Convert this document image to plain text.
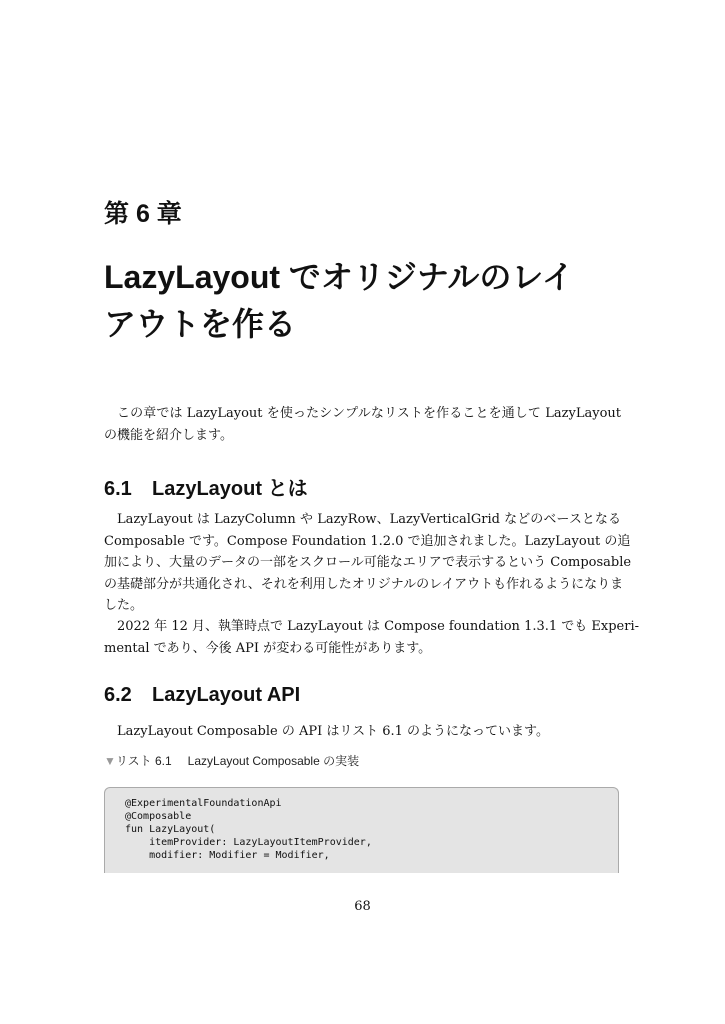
第 6 章
LazyLayout でオリジナルのレイ
アウトを作る
この章では LazyLayout を使ったシンプルなリストを作ることを通して LazyLayout
の機能を紹介します。
6.1 LazyLayout とは
LazyLayout は LazyColumn や LazyRow、LazyVerticalGrid などのベースとなる
Composable です。Compose Foundation 1.2.0 で追加されました。LazyLayout の追
加により、大量のデータの一部をスクロール可能なエリアで表示するという Composable
の基礎部分が共通化され、それを利用したオリジナルのレイアウトも作れるようになりま
した。
2022 年 12 月、執筆時点で LazyLayout は Compose foundation 1.3.1 でも Experi-
mental であり、今後 API が変わる可能性があります。
6.2 LazyLayout API
LazyLayout Composable の API はリスト 6.1 のようになっています。
▼リスト 6.1 LazyLayout Composable の実装
@ExperimentalFoundationApi
@Composable
fun LazyLayout(
itemProvider: LazyLayoutItemProvider,
modifier: Modifier = Modifier,
68
